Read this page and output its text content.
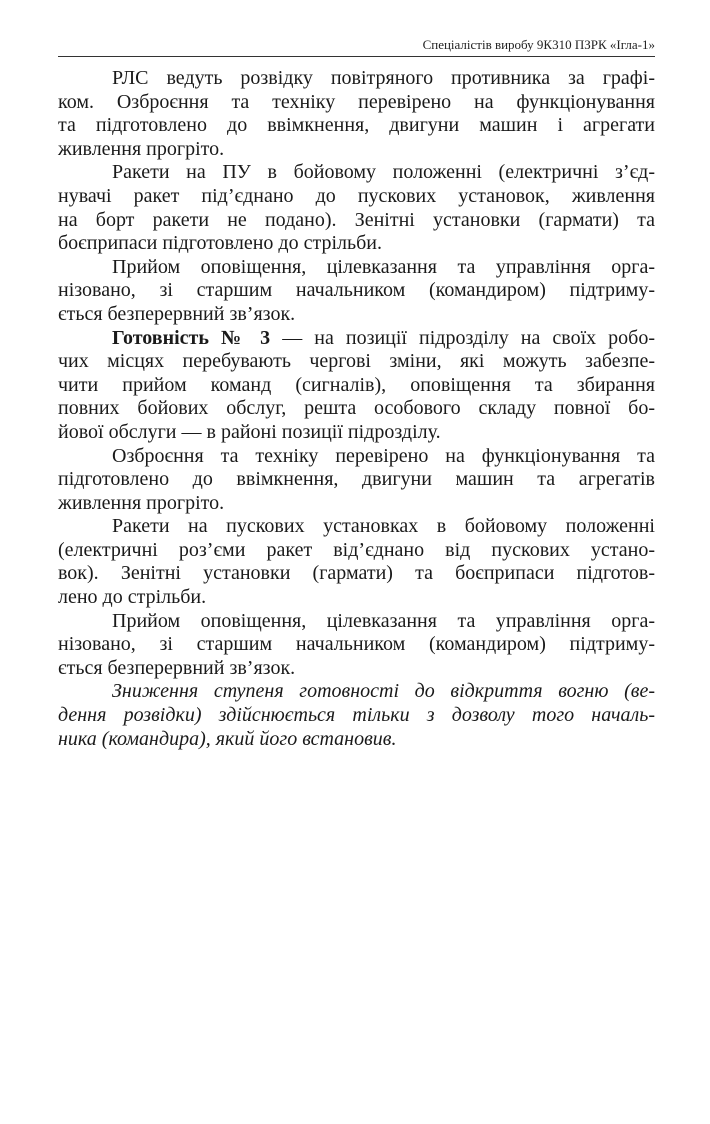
Спеціалістів виробу 9К310 ПЗРК «Ігла-1»

РЛС ведуть розвідку повітряного противника за графі-
ком. Озброєння та техніку перевірено на функціонування
та підготовлено до ввімкнення, двигуни машин і агрегати
живлення прогріто.

Ракети на ПУ в бойовому положенні (електричні з’єд-
нувачі ракет під’єднано до пускових установок, живлення
на борт ракети не подано). Зенітні установки (гармати) та
боєприпаси підготовлено до стрільби.

Прийом оповіщення, цілевказання та управління орга-
нізовано, зі старшим начальником (командиром) підтриму-
ється безперервний зв’язок.

Готовність № 3 — на позиції підрозділу на своїх робо-
чих місцях перебувають чергові зміни, які можуть забезпе-
чити прийом команд (сигналів), оповіщення та збирання
повних бойових обслуг, решта особового складу повної бо-
йової обслуги — в районі позиції підрозділу.

Озброєння та техніку перевірено на функціонування та
підготовлено до ввімкнення, двигуни машин та агрегатів
живлення прогріто.

Ракети на пускових установках в бойовому положенні
(електричні роз’єми ракет від’єднано від пускових устано-
вок). Зенітні установки (гармати) та боєприпаси підготов-
лено до стрільби.

Прийом оповіщення, цілевказання та управління орга-
нізовано, зі старшим начальником (командиром) підтриму-
ється безперервний зв’язок.

Зниження ступеня готовності до відкриття вогню (ве-
дення розвідки) здійснюється тільки з дозволу того началь-
ника (командира), який його встановив.
